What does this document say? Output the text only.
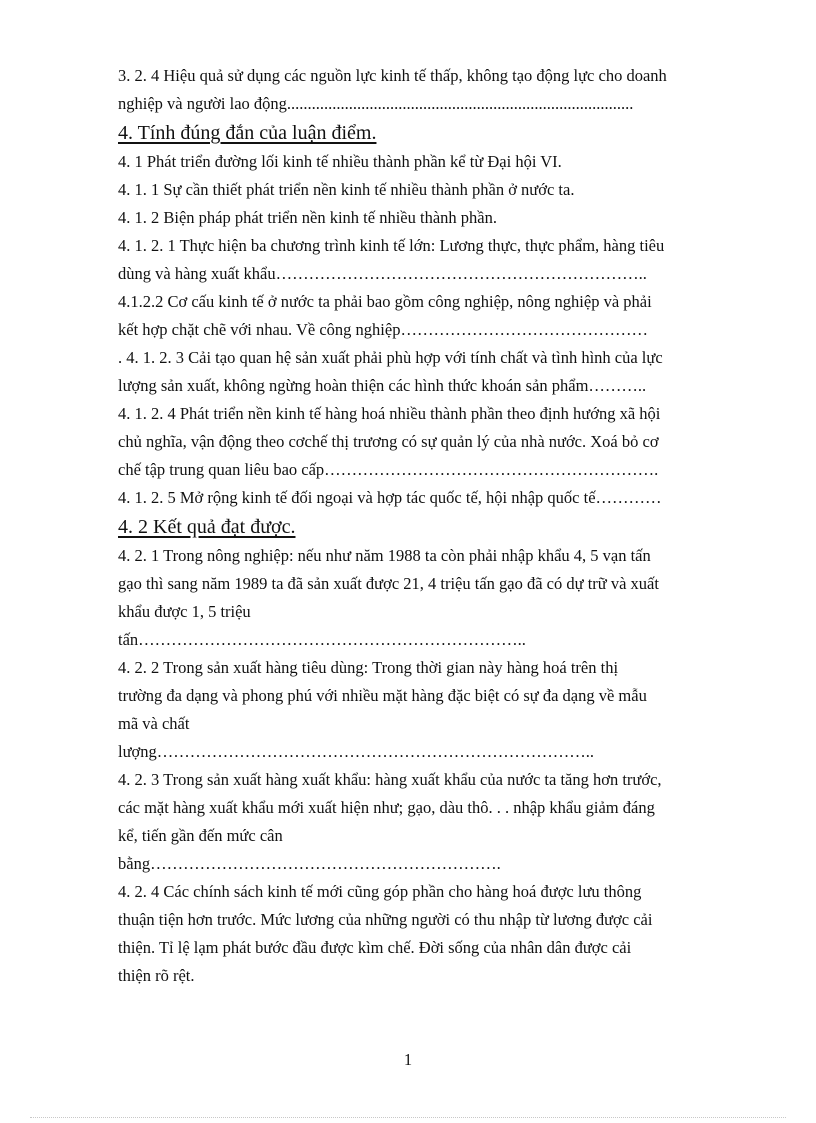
3. 2. 4 Hiệu quả sử dụng các nguồn lực kinh tế thấp, không tạo động lực cho doanh
nghiệp và người lao động....................................................................................
4. Tính đúng đắn của luận điểm.
4. 1 Phát triển đường lối kinh tế nhiều thành phần kể từ Đại hội VI.
4. 1. 1 Sự cần thiết phát triển nền kinh tế nhiều thành phần ở nước ta.
4. 1. 2 Biện pháp phát triển nền kinh tế nhiều thành phần.
4. 1. 2. 1 Thực hiện ba chương trình kinh tế lớn: Lương thực, thực phẩm, hàng tiêu
dùng và hàng xuất khẩu…………………………………………………………..
4.1.2.2 Cơ cấu kinh tế ở nước ta phải bao gồm công nghiệp, nông nghiệp và phải
kết hợp chặt chẽ với nhau. Về công nghiệp………………………………………
. 4. 1. 2. 3 Cải tạo quan hệ sản xuất phải phù hợp với tính chất và tình hình của lực
lượng sản xuất, không ngừng hoàn thiện các hình thức khoán sản phẩm………..
4. 1. 2. 4 Phát triển nền kinh tế hàng hoá nhiều thành phần theo định hướng xã hội
chủ nghĩa, vận động theo cơchế thị trương có sự quản lý của nhà nước. Xoá bỏ cơ
chế tập trung quan liêu bao cấp…………………………………………………….
4. 1. 2. 5 Mở rộng kinh tế đối ngoại và hợp tác quốc tế, hội nhập quốc tế…………
4. 2 Kết quả đạt được.
4. 2. 1 Trong nông nghiệp: nếu như năm 1988 ta còn phải nhập khẩu 4, 5 vạn tấn
gạo thì sang năm 1989 ta đã sản xuất được 21, 4 triệu tấn gạo đã có dự trữ và xuất
khẩu được 1, 5 triệu
tấn……………………………………………………………..
4. 2. 2 Trong sản xuất hàng tiêu dùng: Trong thời gian này hàng hoá trên thị
trường đa dạng và phong phú với nhiều mặt hàng đặc biệt có sự đa dạng về mẫu
mã và chất
lượng……………………………………………………………………..
4. 2. 3 Trong sản xuất hàng xuất khẩu: hàng xuất khẩu của nước ta tăng hơn trước,
các mặt hàng xuất khẩu mới xuất hiện như; gạo, dàu thô. . . nhập khẩu giảm đáng
kể, tiến gần đến mức cân
bằng……………………………………………………….
4. 2. 4 Các chính sách kinh tế mới cũng góp phần cho hàng hoá được lưu thông
thuận tiện hơn trước. Mức lương của những người có thu nhập từ lương được cải
thiện. Tỉ lệ lạm phát bước đầu được kìm chế. Đời sống của nhân dân được cải
thiện rõ rệt.
1
